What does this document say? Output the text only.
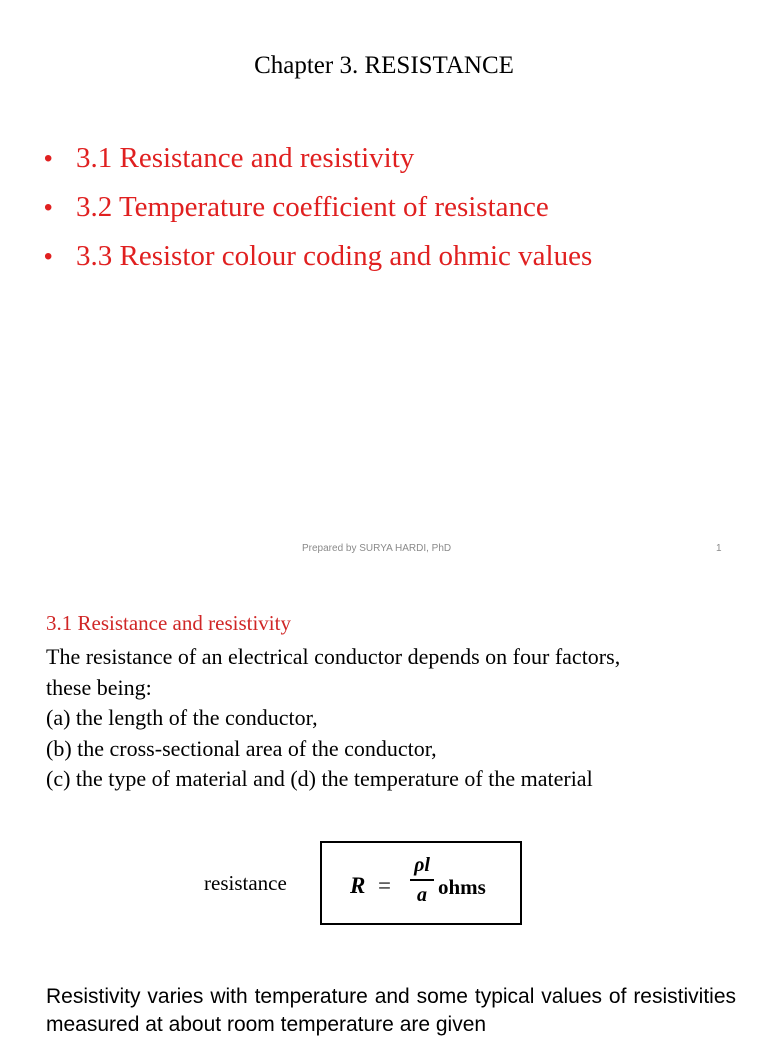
Chapter 3. RESISTANCE
• 3.1 Resistance and resistivity
• 3.2 Temperature coefficient of resistance
• 3.3 Resistor colour coding and ohmic values
Prepared by SURYA HARDI, PhD	1
3.1 Resistance and resistivity
The resistance of an electrical conductor depends on four factors,
these being:
(a) the length of the conductor,
(b) the cross-sectional area of the conductor,
(c) the type of material and (d) the temperature of the material
resistance	R =
ρl
a ohms
Resistivity varies with temperature and some typical values of resistivities measured at about room temperature are given
